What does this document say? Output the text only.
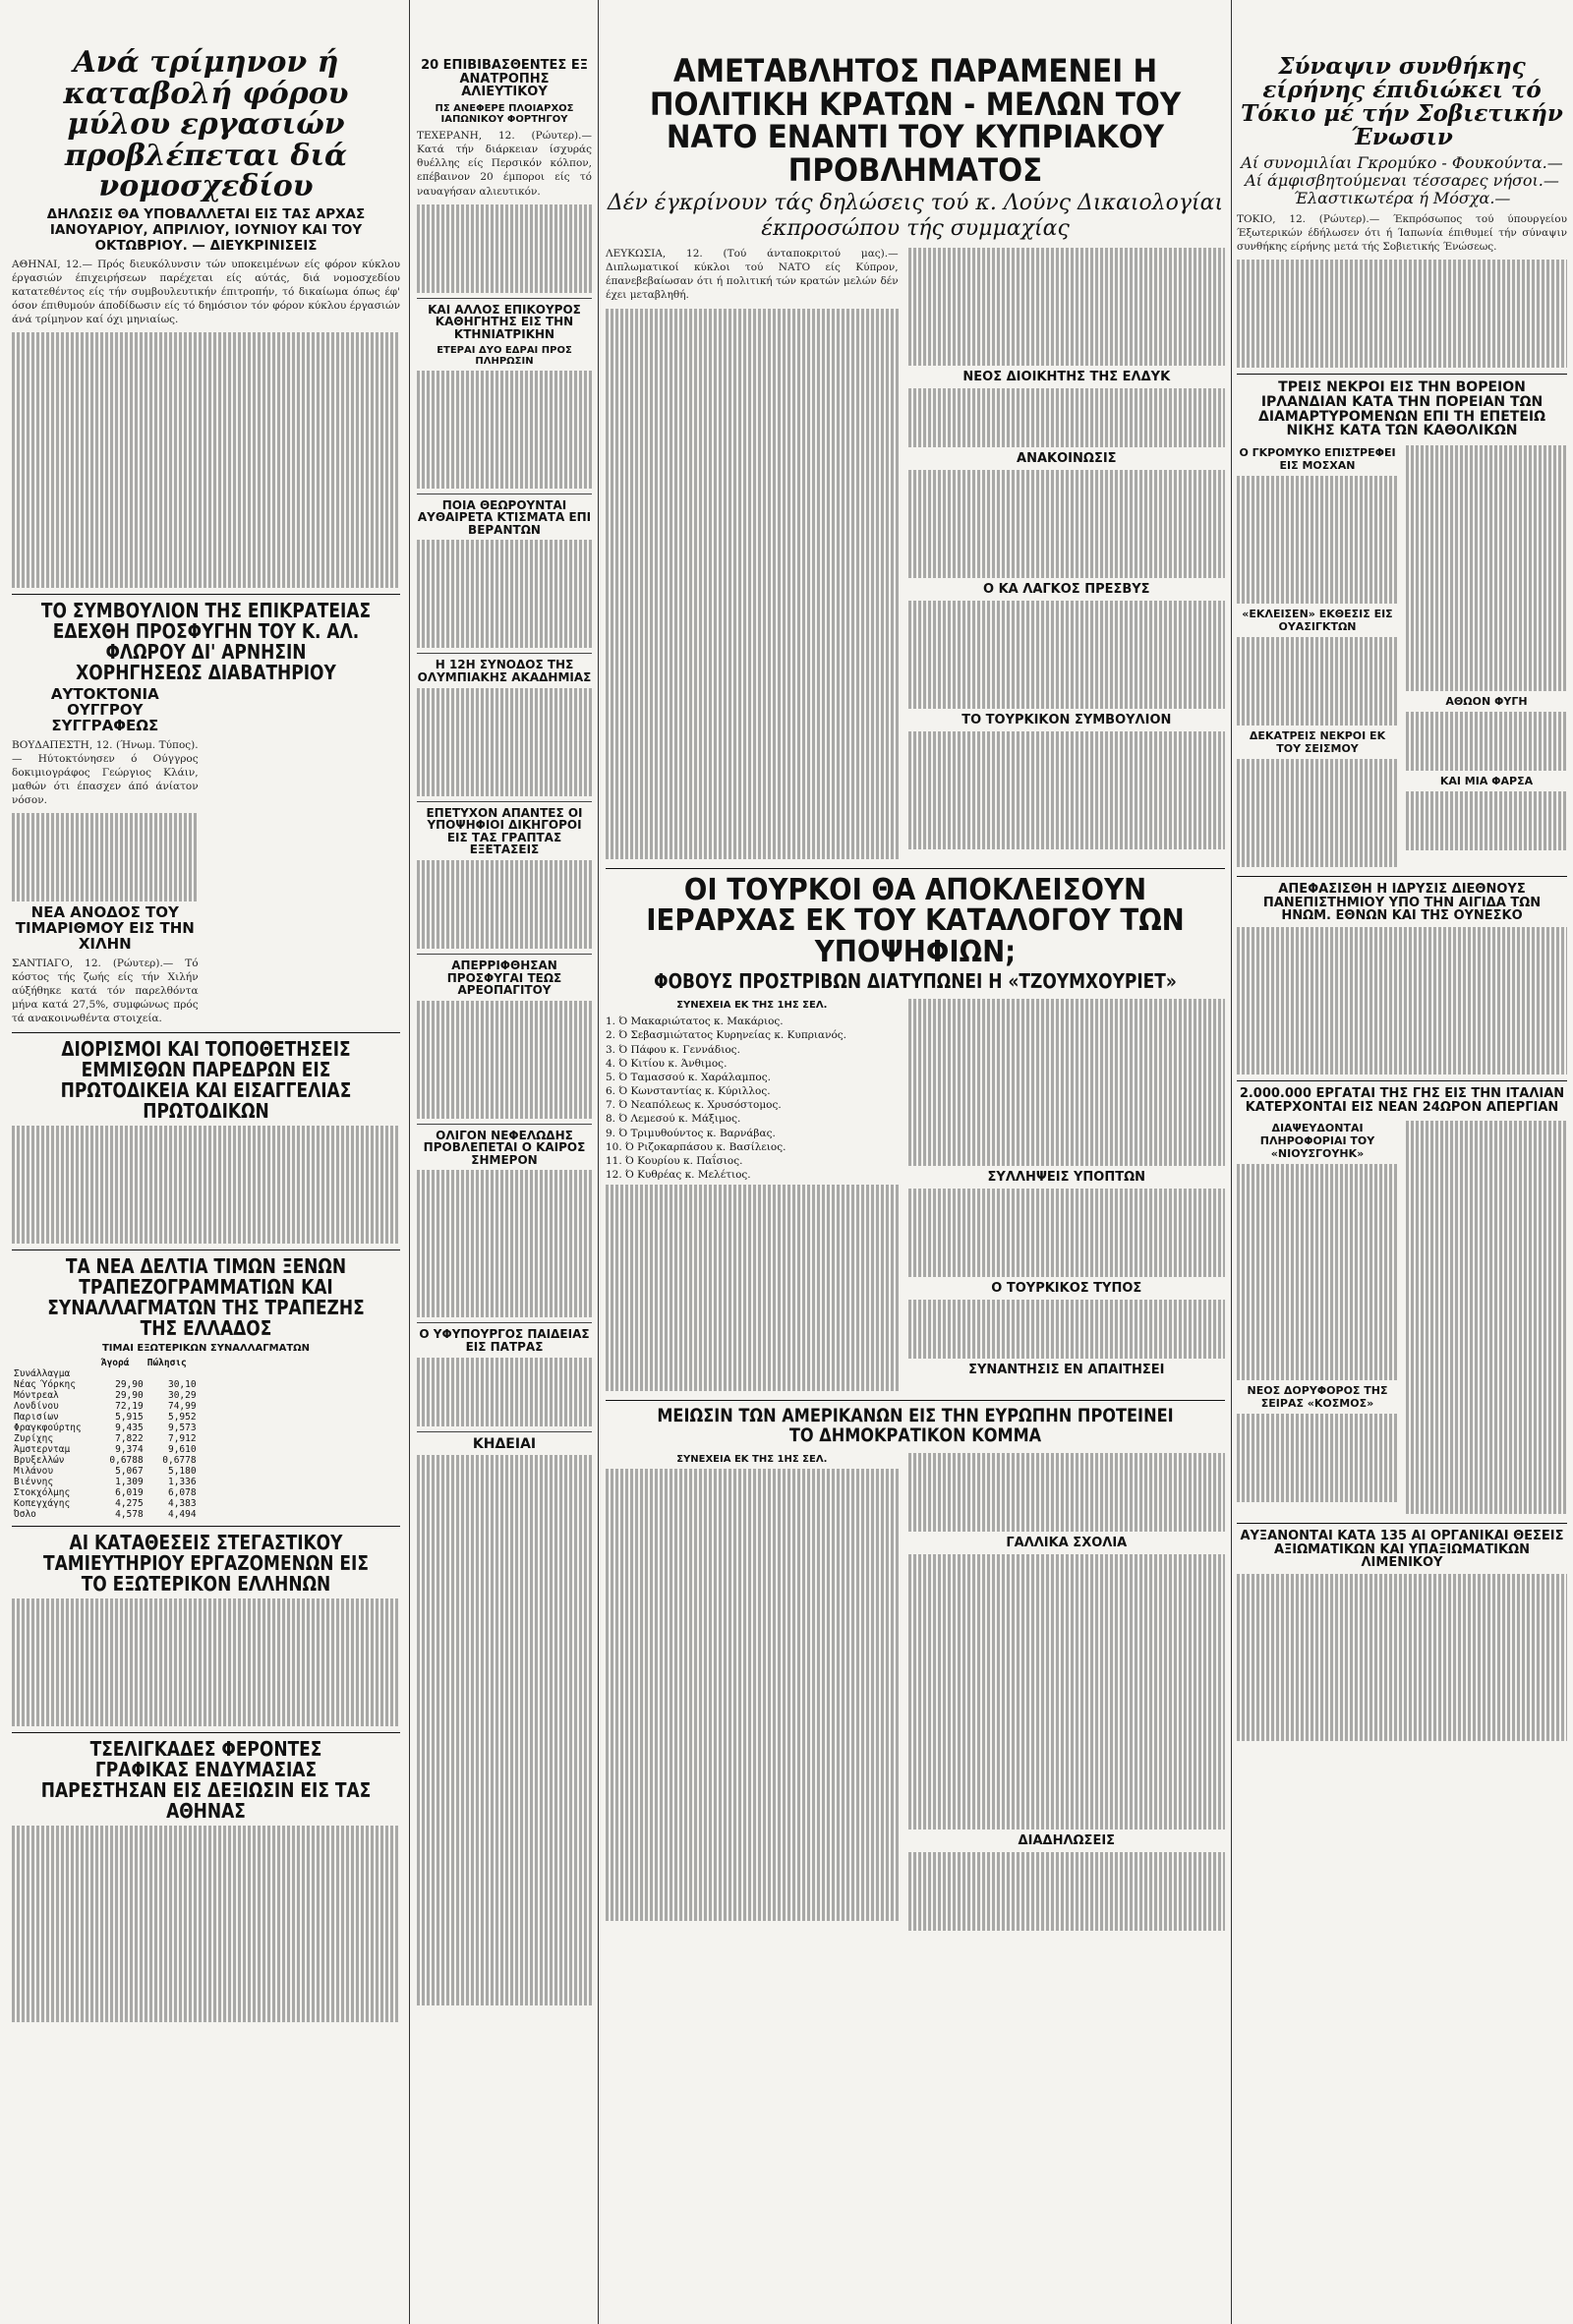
Ανά τρίμηνον ή καταβολή φόρου μύλου εργασιών προβλέπεται διά νομοσχεδίου
ΔΗΛΩΣΙΣ ΘΑ ΥΠΟΒΑΛΛΕΤΑΙ ΕΙΣ ΤΑΣ ΑΡΧΑΣ ΙΑΝΟΥΑΡΙΟΥ, ΑΠΡΙΛΙΟΥ, ΙΟΥΝΙΟΥ ΚΑΙ ΤΟΥ ΟΚΤΩΒΡΙΟΥ. — ΔΙΕΥΚΡΙΝΙΣΕΙΣ
ΑΘΗΝΑΙ, 12.— Πρός διευκόλυνσιν τών υποκειμένων είς φόρον κύκλου έργασιών έπιχειρήσεων παρέχεται είς αύτάς, διά νομοσχεδίου κατατεθέντος είς τήν συμβουλευτικήν έπιτροπήν, τό δικαίωμα όπως έφ' όσον έπιθυμούν άποδίδωσιν είς τό δημόσιον τόν φόρον κύκλου έργασιών άνά τρίμηνον καί όχι μηνιαίως.
ΤΟ ΣΥΜΒΟΥΛΙΟΝ ΤΗΣ ΕΠΙΚΡΑΤΕΙΑΣ ΕΔΕΧΘΗ ΠΡΟΣΦΥΓΗΝ ΤΟΥ Κ. ΑΛ. ΦΛΩΡΟΥ ΔΙ' ΑΡΝΗΣΙΝ ΧΟΡΗΓΗΣΕΩΣ ΔΙΑΒΑΤΗΡΙΟΥ
ΑΥΤΟΚΤΟΝΙΑ ΟΥΓΓΡΟΥ ΣΥΓΓΡΑΦΕΩΣ
ΒΟΥΔΑΠΕΣΤΗ, 12. (Ήνωμ. Τύπος).— Ηύτοκτόνησεν ό Ούγγρος δοκιμιογράφος Γεώργιος Κλάιν, μαθών ότι έπασχεν άπό άνίατον νόσον.
ΝΕΑ ΑΝΟΔΟΣ ΤΟΥ ΤΙΜΑΡΙΘΜΟΥ ΕΙΣ ΤΗΝ ΧΙΛΗΝ
ΣΑΝΤΙΑΓΟ, 12. (Ρώυτερ).— Τό κόστος τής ζωής είς τήν Χιλήν αύξήθηκε κατά τόν παρελθόντα μήνα κατά 27,5%, συμφώνως πρός τά ανακοινωθέντα στοιχεία.
ΔΙΟΡΙΣΜΟΙ ΚΑΙ ΤΟΠΟΘΕΤΗΣΕΙΣ ΕΜΜΙΣΘΩΝ ΠΑΡΕΔΡΩΝ ΕΙΣ ΠΡΩΤΟΔΙΚΕΙΑ ΚΑΙ ΕΙΣΑΓΓΕΛΙΑΣ ΠΡΩΤΟΔΙΚΩΝ
ΤΑ ΝΕΑ ΔΕΛΤΙΑ ΤΙΜΩΝ ΞΕΝΩΝ ΤΡΑΠΕΖΟΓΡΑΜΜΑΤΙΩΝ ΚΑΙ ΣΥΝΑΛΛΑΓΜΑΤΩΝ ΤΗΣ ΤΡΑΠΕΖΗΣ ΤΗΣ ΕΛΛΑΔΟΣ
ΤΙΜΑΙ ΕΞΩΤΕΡΙΚΩΝ ΣΥΝΑΛΛΑΓΜΑΤΩΝ
	Άγορά	Πώλησις
Συνάλλαγμα		
Νέας Ύόρκης	29,90	30,10
Μόντρεαλ	29,90	30,29
Λονδίνου	72,19	74,99
Παρισίων	5,915	5,952
Φραγκφούρτης	9,435	9,573
Ζυρίχης	7,822	7,912
Άμστερνταμ	9,374	9,610
Βρυξελλών	0,6788	0,6778
Μιλάνου	5,067	5,180
Βιέννης	1,309	1,336
Στοκχόλμης	6,019	6,078
Κοπεγχάγης	4,275	4,383
Όσλο	4,578	4,494
ΑΙ ΚΑΤΑΘΕΣΕΙΣ ΣΤΕΓΑΣΤΙΚΟΥ ΤΑΜΙΕΥΤΗΡΙΟΥ ΕΡΓΑΖΟΜΕΝΩΝ ΕΙΣ ΤΟ ΕΞΩΤΕΡΙΚΟΝ ΕΛΛΗΝΩΝ
ΤΣΕΛΙΓΚΑΔΕΣ ΦΕΡΟΝΤΕΣ ΓΡΑΦΙΚΑΣ ΕΝΔΥΜΑΣΙΑΣ ΠΑΡΕΣΤΗΣΑΝ ΕΙΣ ΔΕΞΙΩΣΙΝ ΕΙΣ ΤΑΣ ΑΘΗΝΑΣ
20 ΕΠΙΒΙΒΑΣΘΕΝΤΕΣ ΕΞ ΑΝΑΤΡΟΠΗΣ ΑΛΙΕΥΤΙΚΟΥ
ΠΣ ΑΝΕΦΕΡΕ ΠΛΟΙΑΡΧΟΣ ΙΑΠΩΝΙΚΟΥ ΦΟΡΤΗΓΟΥ
ΤΕΧΕΡΑΝΗ, 12. (Ρώυτερ).— Κατά τήν διάρκειαν ίσχυράς θυέλλης είς Περσικόν κόλπον, επέβαινον 20 έμποροι είς τό ναυαγήσαν αλιευτικόν.
ΚΑΙ ΑΛΛΟΣ ΕΠΙΚΟΥΡΟΣ ΚΑΘΗΓΗΤΗΣ ΕΙΣ ΤΗΝ ΚΤΗΝΙΑΤΡΙΚΗΝ
ΕΤΕΡΑΙ ΔΥΟ ΕΔΡΑΙ ΠΡΟΣ ΠΛΗΡΩΣΙΝ
ΠΟΙΑ ΘΕΩΡΟΥΝΤΑΙ ΑΥΘΑΙΡΕΤΑ ΚΤΙΣΜΑΤΑ ΕΠΙ ΒΕΡΑΝΤΩΝ
Η 12Η ΣΥΝΟΔΟΣ ΤΗΣ ΟΛΥΜΠΙΑΚΗΣ ΑΚΑΔΗΜΙΑΣ
ΕΠΕΤΥΧΟΝ ΑΠΑΝΤΕΣ ΟΙ ΥΠΟΨΗΦΙΟΙ ΔΙΚΗΓΟΡΟΙ ΕΙΣ ΤΑΣ ΓΡΑΠΤΑΣ ΕΞΕΤΑΣΕΙΣ
ΑΠΕΡΡΙΦΘΗΣΑΝ ΠΡΟΣΦΥΓΑΙ ΤΕΩΣ ΑΡΕΟΠΑΓΙΤΟΥ
ΟΛΙΓΟΝ ΝΕΦΕΛΩΔΗΣ ΠΡΟΒΛΕΠΕΤΑΙ Ο ΚΑΙΡΟΣ ΣΗΜΕΡΟΝ
Ο ΥΦΥΠΟΥΡΓΟΣ ΠΑΙΔΕΙΑΣ ΕΙΣ ΠΑΤΡΑΣ
ΚΗΔΕΙΑΙ
ΑΜΕΤΑΒΛΗΤΟΣ ΠΑΡΑΜΕΝΕΙ Η ΠΟΛΙΤΙΚΗ ΚΡΑΤΩΝ - ΜΕΛΩΝ ΤΟΥ ΝΑΤΟ ΕΝΑΝΤΙ ΤΟΥ ΚΥΠΡΙΑΚΟΥ ΠΡΟΒΛΗΜΑΤΟΣ
Δέν έγκρίνουν τάς δηλώσεις τού κ. Λούνς Δικαιολογίαι έκπροσώπου τής συμμαχίας
ΛΕΥΚΩΣΙΑ, 12. (Τού άνταποκριτού μας).— Διπλωματικοί κύκλοι τού ΝΑΤΟ είς Κύπρον, έπανεβεβαίωσαν ότι ή πολιτική τών κρατών μελών δέν έχει μεταβληθή.
ΝΕΟΣ ΔΙΟΙΚΗΤΗΣ ΤΗΣ ΕΛΔΥΚ
ΑΝΑΚΟΙΝΩΣΙΣ
Ο ΚΑ ΛΑΓΚΟΣ ΠΡΕΣΒΥΣ
ΤΟ ΤΟΥΡΚΙΚΟΝ ΣΥΜΒΟΥΛΙΟΝ
ΟΙ ΤΟΥΡΚΟΙ ΘΑ ΑΠΟΚΛΕΙΣΟΥΝ ΙΕΡΑΡΧΑΣ ΕΚ ΤΟΥ ΚΑΤΑΛΟΓΟΥ ΤΩΝ ΥΠΟΨΗΦΙΩΝ;
ΦΟΒΟΥΣ ΠΡΟΣΤΡΙΒΩΝ ΔΙΑΤΥΠΩΝΕΙ Η «ΤΖΟΥΜΧΟΥΡΙΕΤ»
ΣΥΝΕΧΕΙΑ ΕΚ ΤΗΣ 1ΗΣ ΣΕΛ.
1. Ό Μακαριώτατος κ. Μακάριος.
2. Ό Σεβασμιώτατος Κυρηνείας κ. Κυπριανός.
3. Ό Πάφου κ. Γεννάδιος.
4. Ό Κιτίου κ. Άνθιμος.
5. Ό Ταμασσού κ. Χαράλαμπος.
6. Ό Κωνσταντίας κ. Κύριλλος.
7. Ό Νεαπόλεως κ. Χρυσόστομος.
8. Ό Λεμεσού κ. Μάξιμος.
9. Ό Τριμυθούντος κ. Βαρνάβας.
10. Ό Ριζοκαρπάσου κ. Βασίλειος.
11. Ό Κουρίου κ. Παΐσιος.
12. Ό Κυθρέας κ. Μελέτιος.	ΣΥΛΛΗΨΕΙΣ ΥΠΟΠΤΩΝ
Ο ΤΟΥΡΚΙΚΟΣ ΤΥΠΟΣ
ΣΥΝΑΝΤΗΣΙΣ ΕΝ ΑΠΑΙΤΗΣΕΙ
ΜΕΙΩΣΙΝ ΤΩΝ ΑΜΕΡΙΚΑΝΩΝ ΕΙΣ ΤΗΝ ΕΥΡΩΠΗΝ ΠΡΟΤΕΙΝΕΙ ΤΟ ΔΗΜΟΚΡΑΤΙΚΟΝ ΚΟΜΜΑ
ΣΥΝΕΧΕΙΑ ΕΚ ΤΗΣ 1ΗΣ ΣΕΛ.
ΓΑΛΛΙΚΑ ΣΧΟΛΙΑ
ΔΙΑΔΗΛΩΣΕΙΣ
Σύναψιν συνθήκης είρήνης έπιδιώκει τό Τόκιο μέ τήν Σοβιετικήν Ένωσιν
Αί συνομιλίαι Γκρομύκο - Φουκούντα.— Αί άμφισβητούμεναι τέσσαρες νήσοι.— Έλαστικωτέρα ή Μόσχα.—
ΤΟΚΙΟ, 12. (Ρώυτερ).— Έκπρόσωπος τού ύπουργείου Έξωτερικών έδήλωσεν ότι ή Ίαπωνία έπιθυμεί τήν σύναψιν συνθήκης είρήνης μετά τής Σοβιετικής Ένώσεως.
ΤΡΕΙΣ ΝΕΚΡΟΙ ΕΙΣ ΤΗΝ ΒΟΡΕΙΟΝ ΙΡΛΑΝΔΙΑΝ ΚΑΤΑ ΤΗΝ ΠΟΡΕΙΑΝ ΤΩΝ ΔΙΑΜΑΡΤΥΡΟΜΕΝΩΝ ΕΠΙ ΤΗ ΕΠΕΤΕΙΩ ΝΙΚΗΣ ΚΑΤΑ ΤΩΝ ΚΑΘΟΛΙΚΩΝ
Ο ΓΚΡΟΜΥΚΟ ΕΠΙΣΤΡΕΦΕΙ ΕΙΣ ΜΟΣΧΑΝ
«ΕΚΛΕΙΣΕΝ» ΕΚΘΕΣΙΣ ΕΙΣ ΟΥΑΣΙΓΚΤΩΝ
ΔΕΚΑΤΡΕΙΣ ΝΕΚΡΟΙ ΕΚ ΤΟΥ ΣΕΙΣΜΟΥ
ΑΘΩΟΝ ΦΥΓΗ
ΚΑΙ ΜΙΑ ΦΑΡΣΑ
ΑΠΕΦΑΣΙΣΘΗ Η ΙΔΡΥΣΙΣ ΔΙΕΘΝΟΥΣ ΠΑΝΕΠΙΣΤΗΜΙΟΥ ΥΠΟ ΤΗΝ ΑΙΓΙΔΑ ΤΩΝ ΗΝΩΜ. ΕΘΝΩΝ ΚΑΙ ΤΗΣ ΟΥΝΕΣΚΟ
2.000.000 ΕΡΓΑΤΑΙ ΤΗΣ ΓΗΣ ΕΙΣ ΤΗΝ ΙΤΑΛΙΑΝ ΚΑΤΕΡΧΟΝΤΑΙ ΕΙΣ ΝΕΑΝ 24ΩΡΟΝ ΑΠΕΡΓΙΑΝ
ΔΙΑΨΕΥΔΟΝΤΑΙ ΠΛΗΡΟΦΟΡΙΑΙ ΤΟΥ «ΝΙΟΥΣΓΟΥΗΚ»
ΝΕΟΣ ΔΟΡΥΦΟΡΟΣ ΤΗΣ ΣΕΙΡΑΣ «ΚΟΣΜΟΣ»
ΑΥΞΑΝΟΝΤΑΙ ΚΑΤΑ 135 ΑΙ ΟΡΓΑΝΙΚΑΙ ΘΕΣΕΙΣ ΑΞΙΩΜΑΤΙΚΩΝ ΚΑΙ ΥΠΑΞΙΩΜΑΤΙΚΩΝ ΛΙΜΕΝΙΚΟΥ
